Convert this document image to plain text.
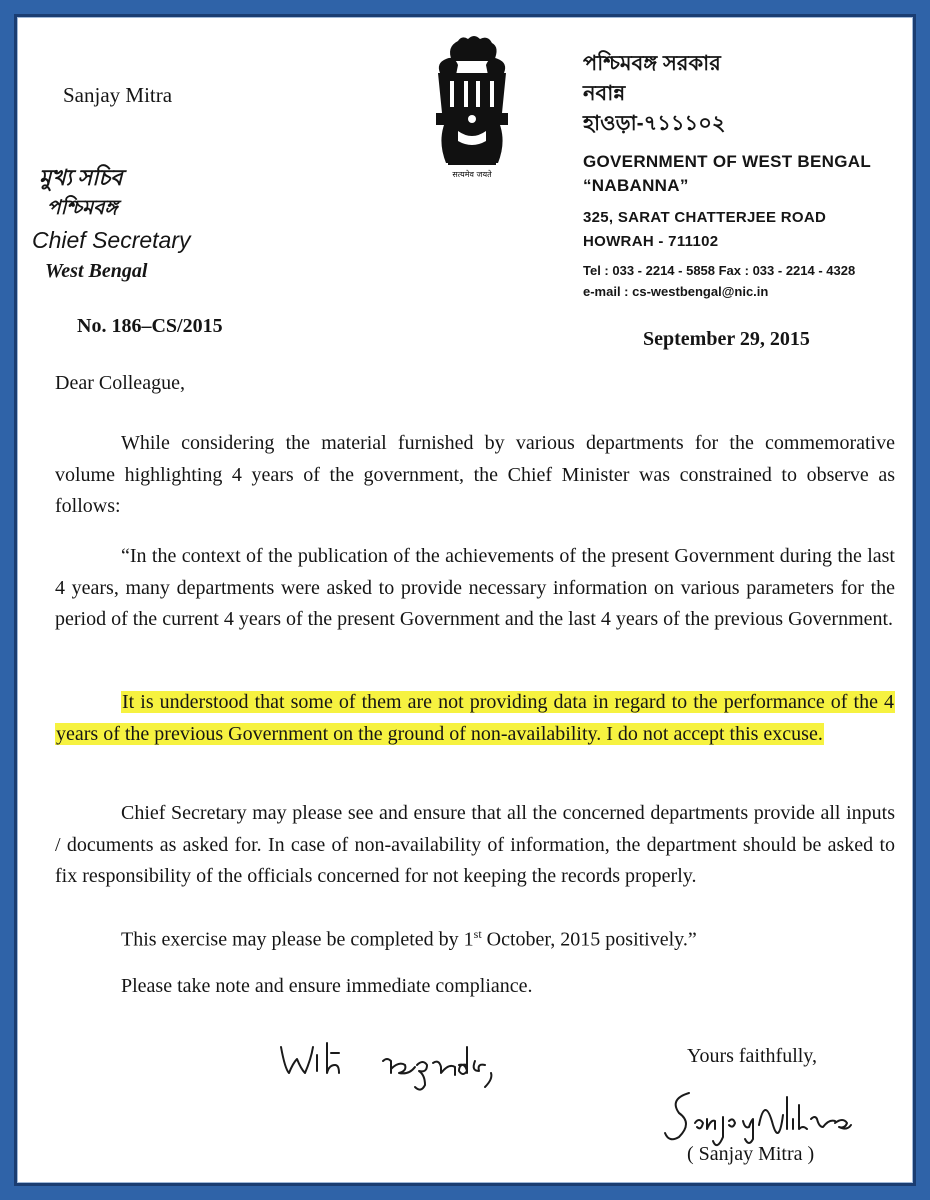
Sanjay Mitra
মুখ্য সচিব
পশ্চিমবঙ্গ
Chief Secretary
West Bengal
No. 186–CS/2015
सत्यमेव जयते
পশ্চিমবঙ্গ সরকার
নবান্ন
হাওড়া-৭১১১০২
GOVERNMENT OF WEST BENGAL
“NABANNA”
325, SARAT CHATTERJEE ROAD
HOWRAH - 711102
Tel : 033 - 2214 - 5858 Fax : 033 - 2214 - 4328
e-mail : cs-westbengal@nic.in
September 29, 2015
Dear Colleague,
While considering the material furnished by various departments for the commemorative volume highlighting 4 years of the government, the Chief Minister was constrained to observe as follows:
“In the context of the publication of the achievements of the present Government during the last 4 years, many departments were asked to provide necessary information on various parameters for the period of the current 4 years of the present Government and the last 4 years of the previous Government.
It is understood that some of them are not providing data in regard to the performance of the 4 years of the previous Government on the ground of non-availability. I do not accept this excuse.
Chief Secretary may please see and ensure that all the concerned departments provide all inputs / documents as asked for. In case of non-availability of information, the department should be asked to fix responsibility of the officials concerned for not keeping the records properly.
This exercise may please be completed by 1st October, 2015 positively.”
Please take note and ensure immediate compliance.
Yours faithfully,
( Sanjay Mitra )
